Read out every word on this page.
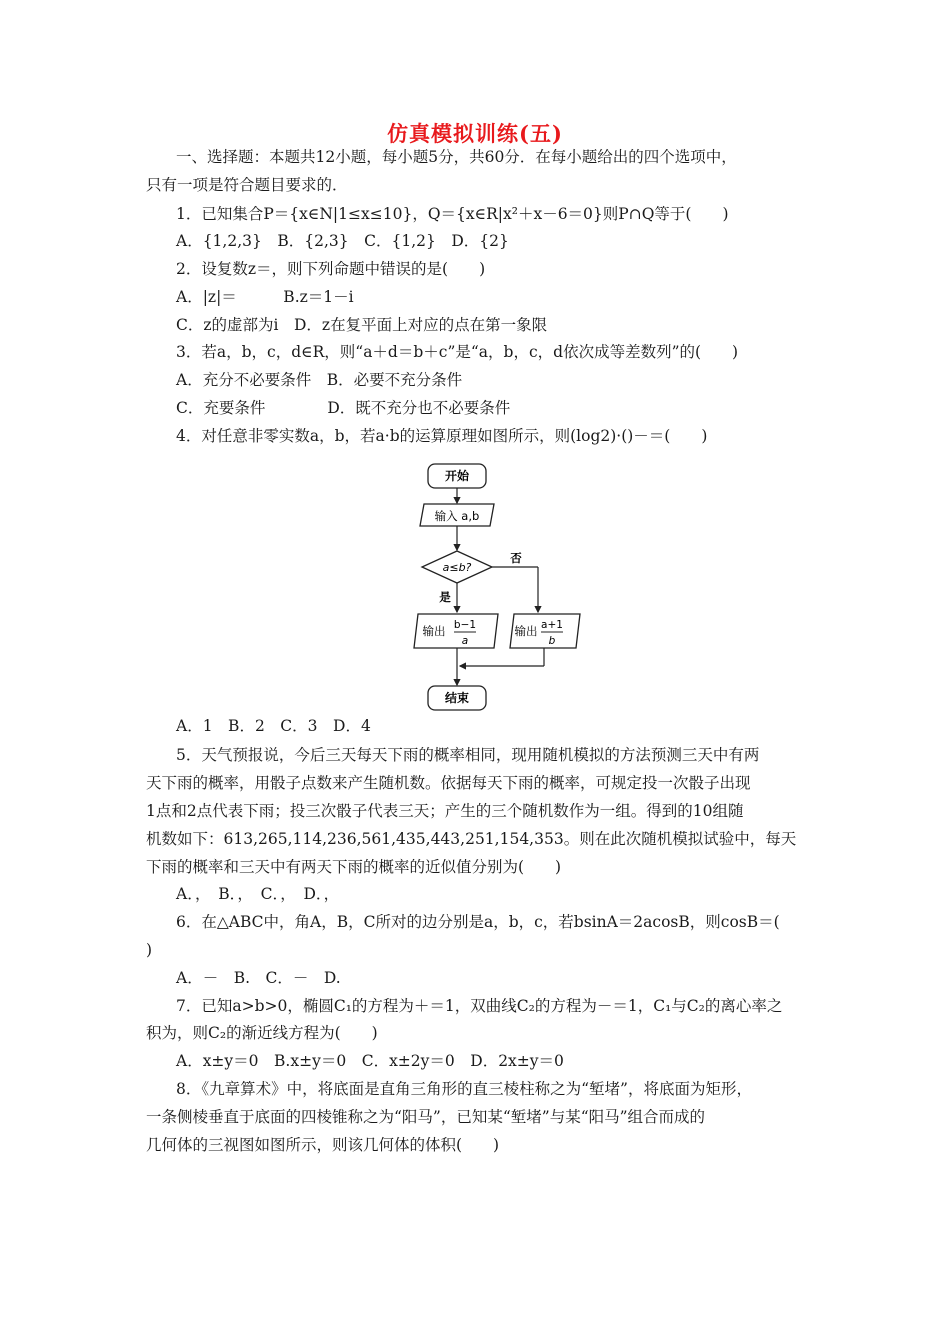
仿真模拟训练(五)
一、选择题：本题共12小题，每小题5分，共60分．在每小题给出的四个选项中，
只有一项是符合题目要求的．
1．已知集合P＝{x∈N|1≤x≤10}，Q＝{x∈R|x²＋x－6＝0}则P∩Q等于(　　)
A．{1,2,3}　B．{2,3}　C．{1,2}　D．{2}
2．设复数z＝，则下列命题中错误的是(　　)
A．|z|＝　　　B.z＝1－i
C．z的虚部为i　D．z在复平面上对应的点在第一象限
3．若a，b，c，d∈R，则“a＋d＝b＋c”是“a，b，c，d依次成等差数列”的(　　)
A．充分不必要条件　B．必要不充分条件
C．充要条件　　　　D．既不充分也不必要条件
4．对任意非零实数a，b，若a·b的运算原理如图所示，则(log2)·()－＝(　　)
开始
输入 a,b
a≤b?
否
是
输出 b−1
a
输出 a+1
b
结束
A．1　B．2　C．3　D．4
5．天气预报说，今后三天每天下雨的概率相同，现用随机模拟的方法预测三天中有两
天下雨的概率，用骰子点数来产生随机数。依据每天下雨的概率，可规定投一次骰子出现
1点和2点代表下雨；投三次骰子代表三天；产生的三个随机数作为一组。得到的10组随
机数如下：613,265,114,236,561,435,443,251,154,353。则在此次随机模拟试验中，每天
下雨的概率和三天中有两天下雨的概率的近似值分别为(　　)
A．，　B．，　C．，　D．，
6．在△ABC中，角A，B，C所对的边分别是a，b，c，若bsinA＝2acosB，则cosB＝(
)
A．－　B.　C．－　D.
7．已知a>b>0，椭圆C₁的方程为＋＝1，双曲线C₂的方程为－＝1，C₁与C₂的离心率之
积为，则C₂的渐近线方程为(　　)
A．x±y＝0　B.x±y＝0　C．x±2y＝0　D．2x±y＝0
8．《九章算术》中，将底面是直角三角形的直三棱柱称之为“堑堵”，将底面为矩形，
一条侧棱垂直于底面的四棱锥称之为“阳马”，已知某“堑堵”与某“阳马”组合而成的
几何体的三视图如图所示，则该几何体的体积(　　)
